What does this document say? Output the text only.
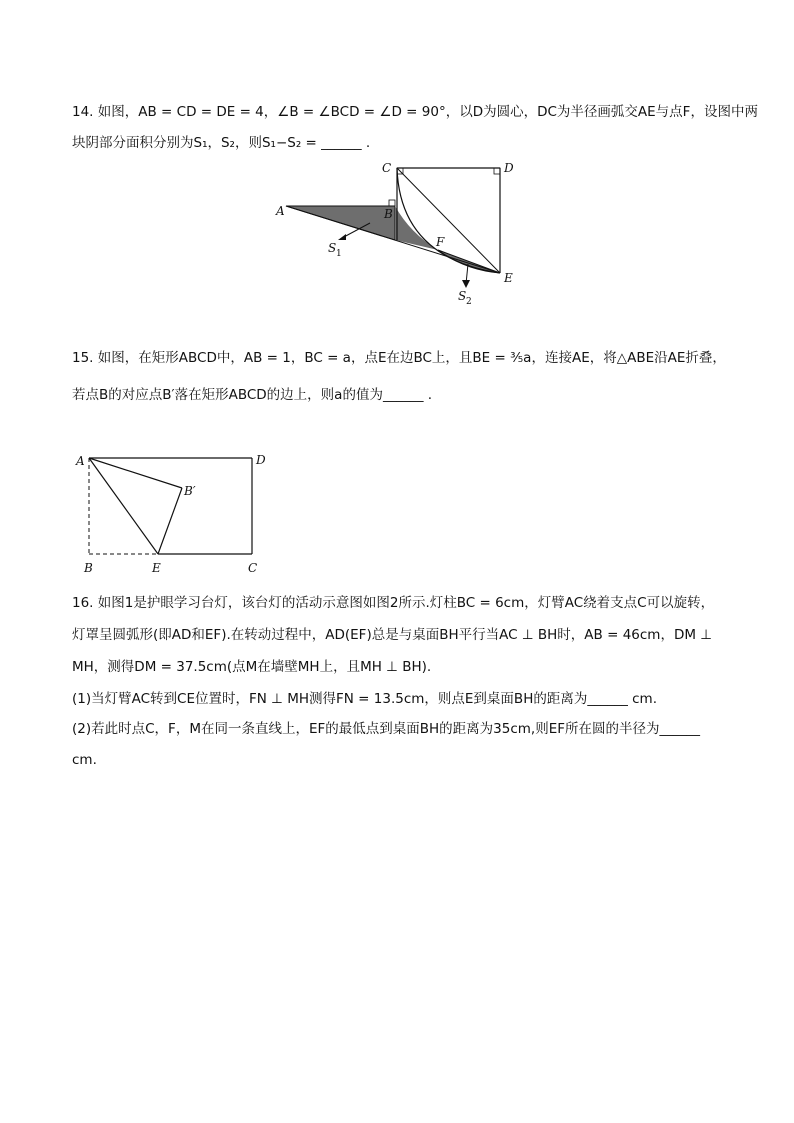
14. 如图，AB = CD = DE = 4，∠B = ∠BCD = ∠D = 90°，以D为圆心，DC为半径画弧交AE与点F，设图中两
块阴部分面积分别为S₁，S₂，则S₁−S₂ = ______ .
A	B
C	D
E
F
S 1
S 2
15. 如图，在矩形ABCD中，AB = 1，BC = a，点E在边BC上，且BE = ³⁄₅a，连接AE，将△ABE沿AE折叠，
若点B的对应点B′落在矩形ABCD的边上，则a的值为______ .
A	D
B′
B	E	C
16. 如图1是护眼学习台灯，该台灯的活动示意图如图2所示.灯柱BC = 6cm，灯臂AC绕着支点C可以旋转，
灯罩呈圆弧形(即AD和EF).在转动过程中，AD(EF)总是与桌面BH平行当AC ⊥ BH时，AB = 46cm，DM ⊥
MH，测得DM = 37.5cm(点M在墙壁MH上，且MH ⊥ BH).
(1)当灯臂AC转到CE位置时，FN ⊥ MH测得FN = 13.5cm，则点E到桌面BH的距离为______ cm.
(2)若此时点C，F，M在同一条直线上，EF的最低点到桌面BH的距离为35cm,则EF所在圆的半径为______
cm.
